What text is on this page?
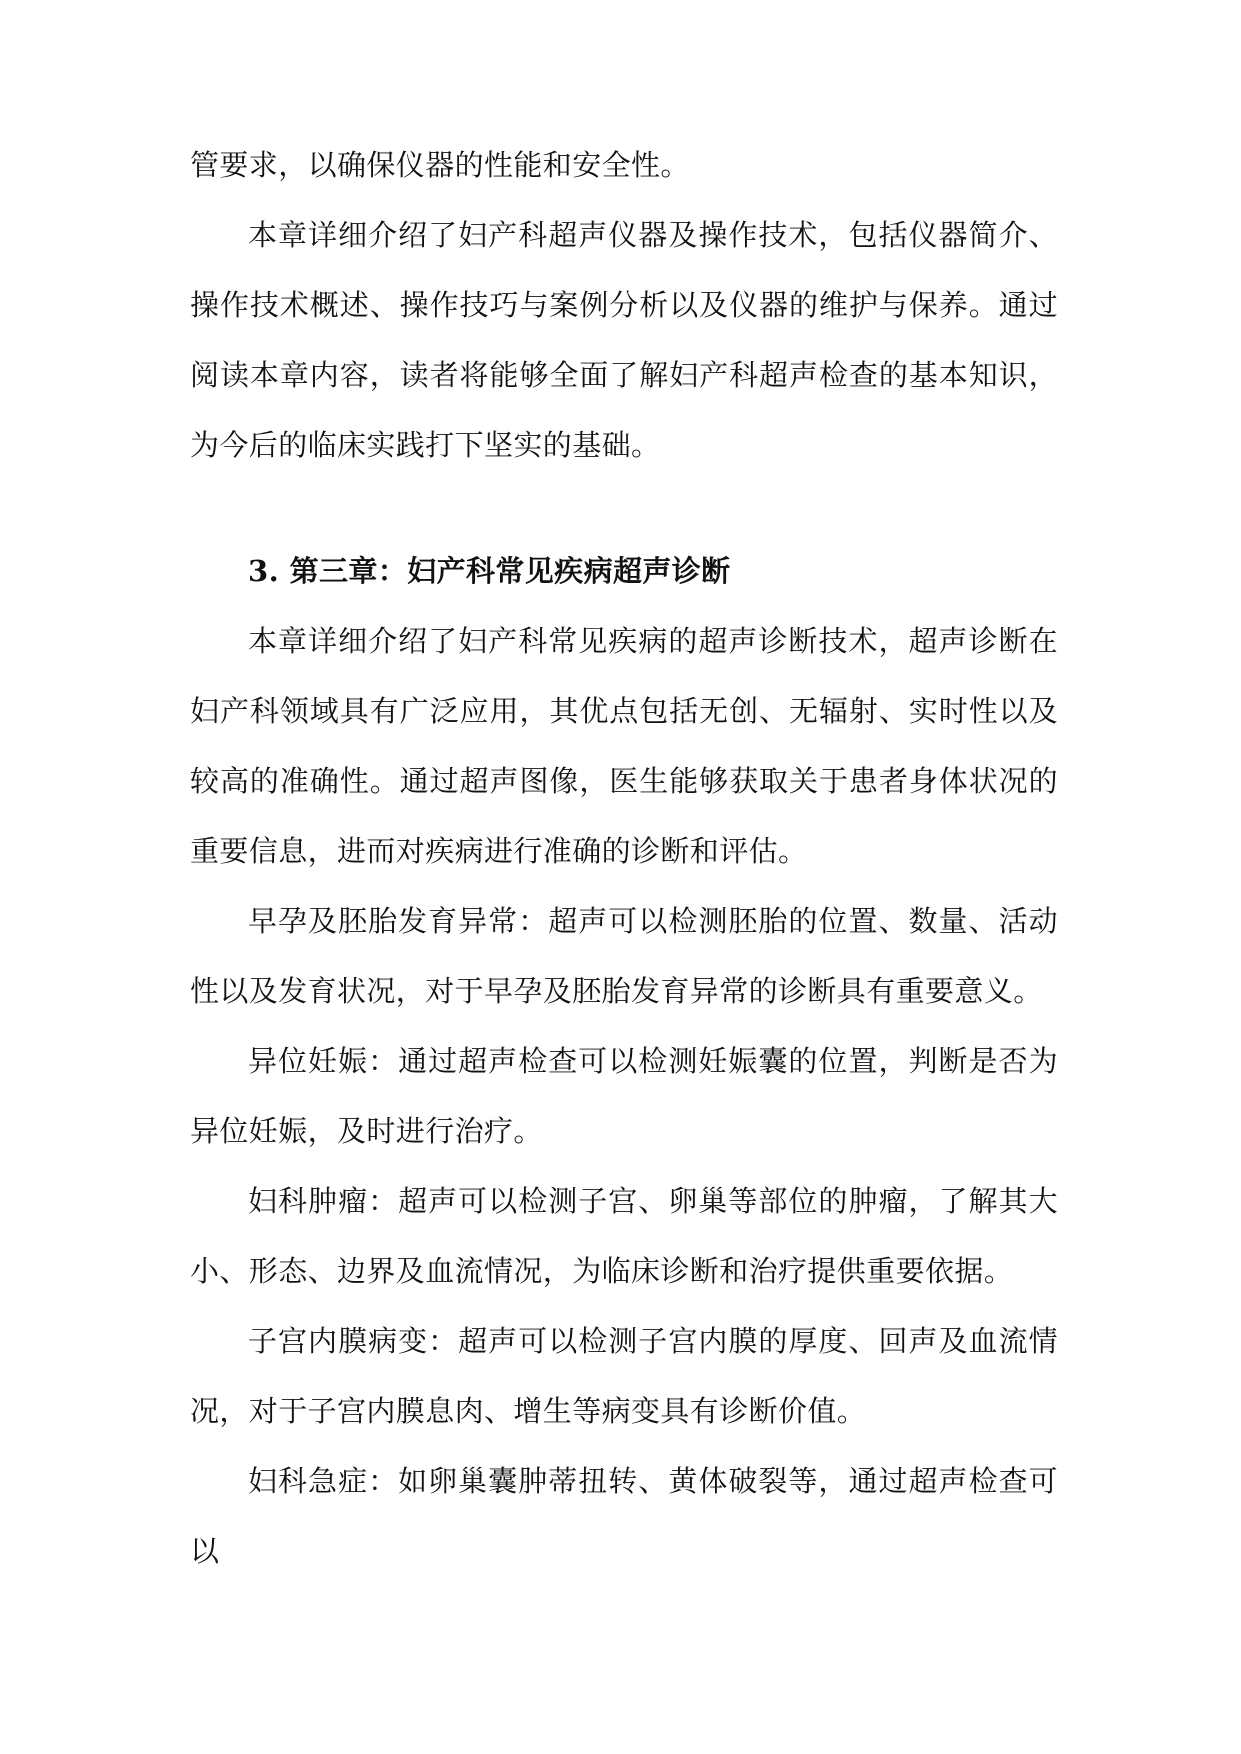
管要求，以确保仪器的性能和安全性。

本章详细介绍了妇产科超声仪器及操作技术，包括仪器简介、操作技术概述、操作技巧与案例分析以及仪器的维护与保养。通过阅读本章内容，读者将能够全面了解妇产科超声检查的基本知识，为今后的临床实践打下坚实的基础。

3. 第三章：妇产科常见疾病超声诊断

本章详细介绍了妇产科常见疾病的超声诊断技术，超声诊断在妇产科领域具有广泛应用，其优点包括无创、无辐射、实时性以及较高的准确性。通过超声图像，医生能够获取关于患者身体状况的重要信息，进而对疾病进行准确的诊断和评估。

早孕及胚胎发育异常：超声可以检测胚胎的位置、数量、活动性以及发育状况，对于早孕及胚胎发育异常的诊断具有重要意义。

异位妊娠：通过超声检查可以检测妊娠囊的位置，判断是否为异位妊娠，及时进行治疗。

妇科肿瘤：超声可以检测子宫、卵巢等部位的肿瘤，了解其大小、形态、边界及血流情况，为临床诊断和治疗提供重要依据。

子宫内膜病变：超声可以检测子宫内膜的厚度、回声及血流情况，对于子宫内膜息肉、增生等病变具有诊断价值。

妇科急症：如卵巢囊肿蒂扭转、黄体破裂等，通过超声检查可以
